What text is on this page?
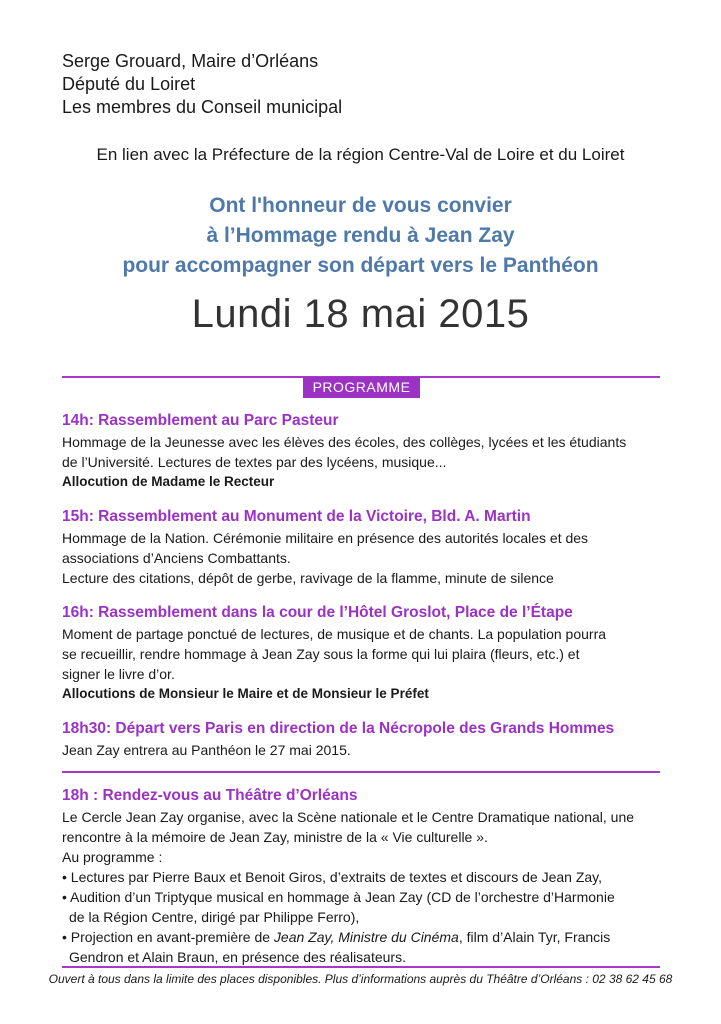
Serge Grouard, Maire d’Orléans
Député du Loiret
Les membres du Conseil municipal
En lien avec la Préfecture de la région Centre-Val de Loire et du Loiret
Ont l'honneur de vous convier
à l’Hommage rendu à Jean Zay
pour accompagner son départ vers le Panthéon
Lundi 18 mai 2015
PROGRAMME
14h: Rassemblement au Parc Pasteur
Hommage de la Jeunesse avec les élèves des écoles, des collèges, lycées et les étudiants
de l’Université. Lectures de textes par des lycéens, musique...
Allocution de Madame le Recteur
15h: Rassemblement au Monument de la Victoire, Bld. A. Martin
Hommage de la Nation. Cérémonie militaire en présence des autorités locales et des
associations d’Anciens Combattants.
Lecture des citations, dépôt de gerbe, ravivage de la flamme, minute de silence
16h: Rassemblement dans la cour de l’Hôtel Groslot, Place de l’Étape
Moment de partage ponctué de lectures, de musique et de chants. La population pourra
se recueillir, rendre hommage à Jean Zay sous la forme qui lui plaira (fleurs, etc.) et
signer le livre d’or.
Allocutions de Monsieur le Maire et de Monsieur le Préfet
18h30: Départ vers Paris en direction de la Nécropole des Grands Hommes
Jean Zay entrera au Panthéon le 27 mai 2015.
18h : Rendez-vous au Théâtre d’Orléans
Le Cercle Jean Zay organise, avec la Scène nationale et le Centre Dramatique national, une
rencontre à la mémoire de Jean Zay, ministre de la « Vie culturelle ».
Au programme :
• Lectures par Pierre Baux et Benoit Giros, d’extraits de textes et discours de Jean Zay,
• Audition d’un Triptyque musical en hommage à Jean Zay (CD de l’orchestre d’Harmonie
de la Région Centre, dirigé par Philippe Ferro),
• Projection en avant-première de Jean Zay, Ministre du Cinéma, film d’Alain Tyr, Francis
Gendron et Alain Braun, en présence des réalisateurs.
Ouvert à tous dans la limite des places disponibles. Plus d’informations auprès du Théâtre d’Orléans : 02 38 62 45 68
